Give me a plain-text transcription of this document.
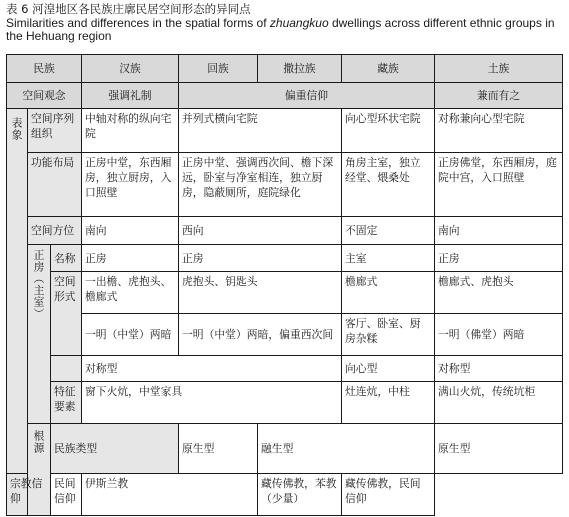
表 6 河湟地区各民族庄廓民居空间形态的异同点
Similarities and differences in the spatial forms of zhuangkuo dwellings across different ethnic groups in the Hehuang region
民族			汉族	回族	撒拉族	藏族	土族	
空间观念			强调礼制	偏重信仰			兼而有之	
表象	空间序列组织		中轴对称的纵向宅院	并列式横向宅院		向心型环状宅院	对称兼向心型宅院	
	功能布局		正房中堂，东西厢房，独立厨房，入口照壁	正房中堂、强调西次间、檐下深远，卧室与净室相连，独立厨房，隐蔽厕所，庭院绿化		角房主室，独立经堂、煨桑处	正房佛堂，东西厢房，庭院中宫，入口照壁	
	空间方位		南向	西向		不固定	南向	
	正房（主室）	名称	正房	正房		主室	正房	
		空间形式	一出檐、虎抱头、檐廊式	虎抱头、钥匙头		檐廊式	檐廊式、虎抱头	
			一明（中堂）两暗	一明（中堂）两暗，偏重西次间		客厅、卧室、厨房杂糅	一明（佛堂）两暗	
			对称型			向心型	对称型	
		特征要素	窗下火炕，中堂家具			灶连炕，中柱	满山火炕，传统坑柜	
	根源	民族类型		原生型	融生型		原生型	
宗教信仰		民间信仰	伊斯兰教		藏传佛教，苯教（少量）	藏传佛教，民间信仰		
